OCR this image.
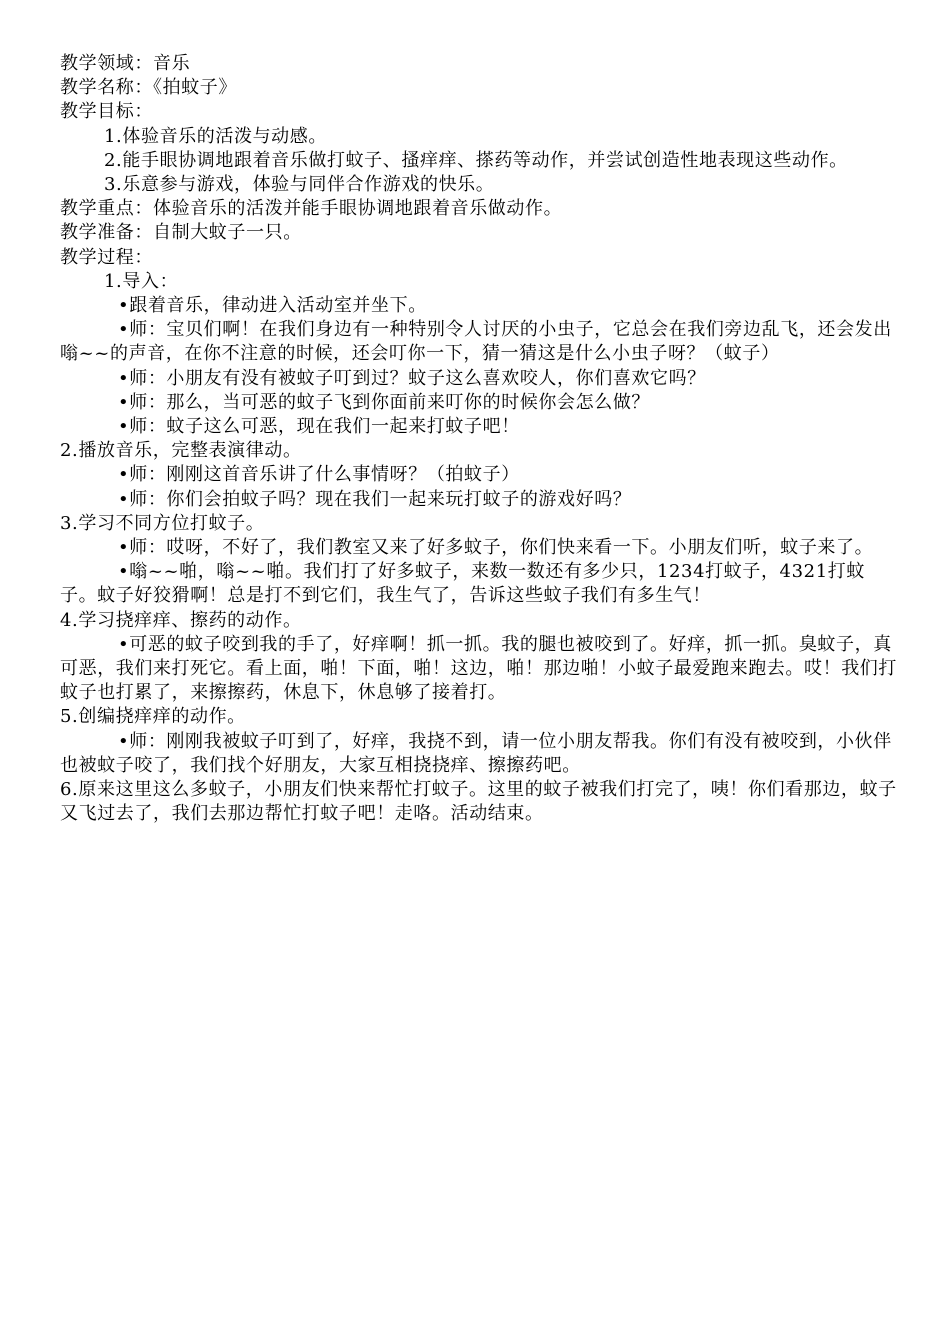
教学领域：音乐

教学名称：《拍蚊子》

教学目标：

1.体验音乐的活泼与动感。

2.能手眼协调地跟着音乐做打蚊子、搔痒痒、搽药等动作，并尝试创造性地表现这些动作。

3.乐意参与游戏，体验与同伴合作游戏的快乐。

教学重点：体验音乐的活泼并能手眼协调地跟着音乐做动作。

教学准备：自制大蚊子一只。

教学过程：

1.导入：

•跟着音乐，律动进入活动室并坐下。

•师：宝贝们啊！在我们身边有一种特别令人讨厌的小虫子，它总会在我们旁边乱飞，还会发出嗡~~的声音，在你不注意的时候，还会叮你一下，猜一猜这是什么小虫子呀？（蚊子）

•师：小朋友有没有被蚊子叮到过？蚊子这么喜欢咬人，你们喜欢它吗？

•师：那么，当可恶的蚊子飞到你面前来叮你的时候你会怎么做？

•师：蚊子这么可恶，现在我们一起来打蚊子吧！

2.播放音乐，完整表演律动。

•师：刚刚这首音乐讲了什么事情呀？（拍蚊子）

•师：你们会拍蚊子吗？现在我们一起来玩打蚊子的游戏好吗？

3.学习不同方位打蚊子。

•师：哎呀，不好了，我们教室又来了好多蚊子，你们快来看一下。小朋友们听，蚊子来了。

•嗡~~啪，嗡~~啪。我们打了好多蚊子，来数一数还有多少只，1234打蚊子，4321打蚊子。蚊子好狡猾啊！总是打不到它们，我生气了，告诉这些蚊子我们有多生气！

4.学习挠痒痒、擦药的动作。

•可恶的蚊子咬到我的手了，好痒啊！抓一抓。我的腿也被咬到了。好痒，抓一抓。臭蚊子，真可恶，我们来打死它。看上面，啪！下面，啪！这边，啪！那边啪！小蚊子最爱跑来跑去。哎！我们打蚊子也打累了，来擦擦药，休息下，休息够了接着打。

5.创编挠痒痒的动作。

•师：刚刚我被蚊子叮到了，好痒，我挠不到，请一位小朋友帮我。你们有没有被咬到，小伙伴也被蚊子咬了，我们找个好朋友，大家互相挠挠痒、擦擦药吧。

6.原来这里这么多蚊子，小朋友们快来帮忙打蚊子。这里的蚊子被我们打完了，咦！你们看那边，蚊子又飞过去了，我们去那边帮忙打蚊子吧！走咯。活动结束。
